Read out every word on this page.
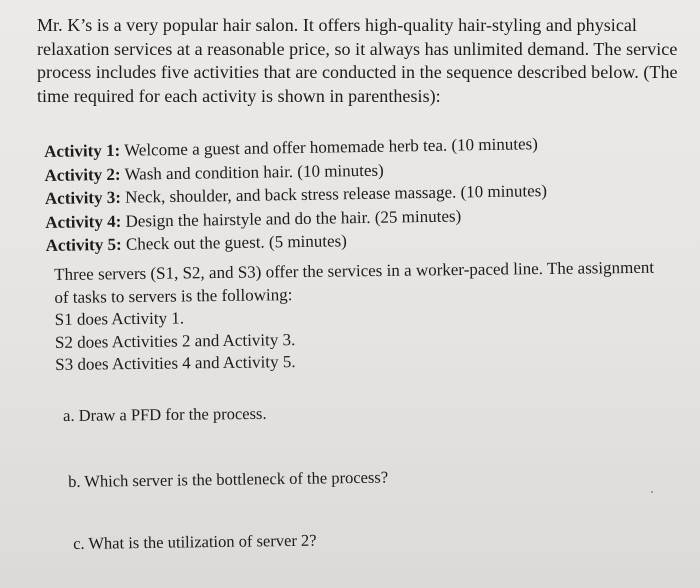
Mr. K’s is a very popular hair salon. It offers high-quality hair-styling and physical
relaxation services at a reasonable price, so it always has unlimited demand. The service
process includes five activities that are conducted in the sequence described below. (The
time required for each activity is shown in parenthesis):
Activity 1: Welcome a guest and offer homemade herb tea. (10 minutes)
Activity 2: Wash and condition hair. (10 minutes)
Activity 3: Neck, shoulder, and back stress release massage. (10 minutes)
Activity 4: Design the hairstyle and do the hair. (25 minutes)
Activity 5: Check out the guest. (5 minutes)
Three servers (S1, S2, and S3) offer the services in a worker-paced line. The assignment
of tasks to servers is the following:
S1 does Activity 1.
S2 does Activities 2 and Activity 3.
S3 does Activities 4 and Activity 5.
a. Draw a PFD for the process.
b. Which server is the bottleneck of the process?
c. What is the utilization of server 2?
